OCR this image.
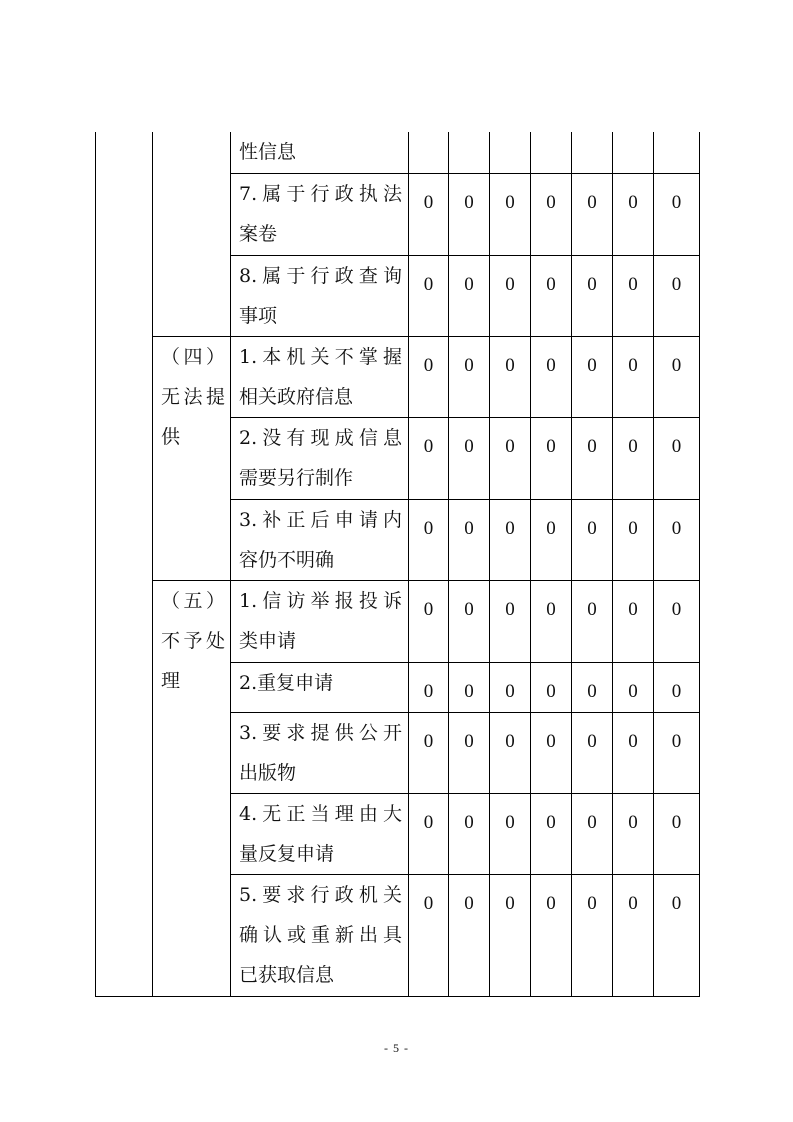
		性信息							

		7.属于行政执法
案卷	0	0	0	0	0	0	0

		8.属于行政查询
事项	0	0	0	0	0	0	0

	（四）
无法提
供	1.本机关不掌握
相关政府信息	0	0	0	0	0	0	0

		2.没有现成信息
需要另行制作	0	0	0	0	0	0	0

		3.补正后申请内
容仍不明确	0	0	0	0	0	0	0

	（五）
不予处
理	1.信访举报投诉
类申请	0	0	0	0	0	0	0

		2.重复申请	0	0	0	0	0	0	0

		3.要求提供公开
出版物	0	0	0	0	0	0	0

		4.无正当理由大
量反复申请	0	0	0	0	0	0	0

		5.要求行政机关
确认或重新出具
已获取信息	0	0	0	0	0	0	0
- 5 -
